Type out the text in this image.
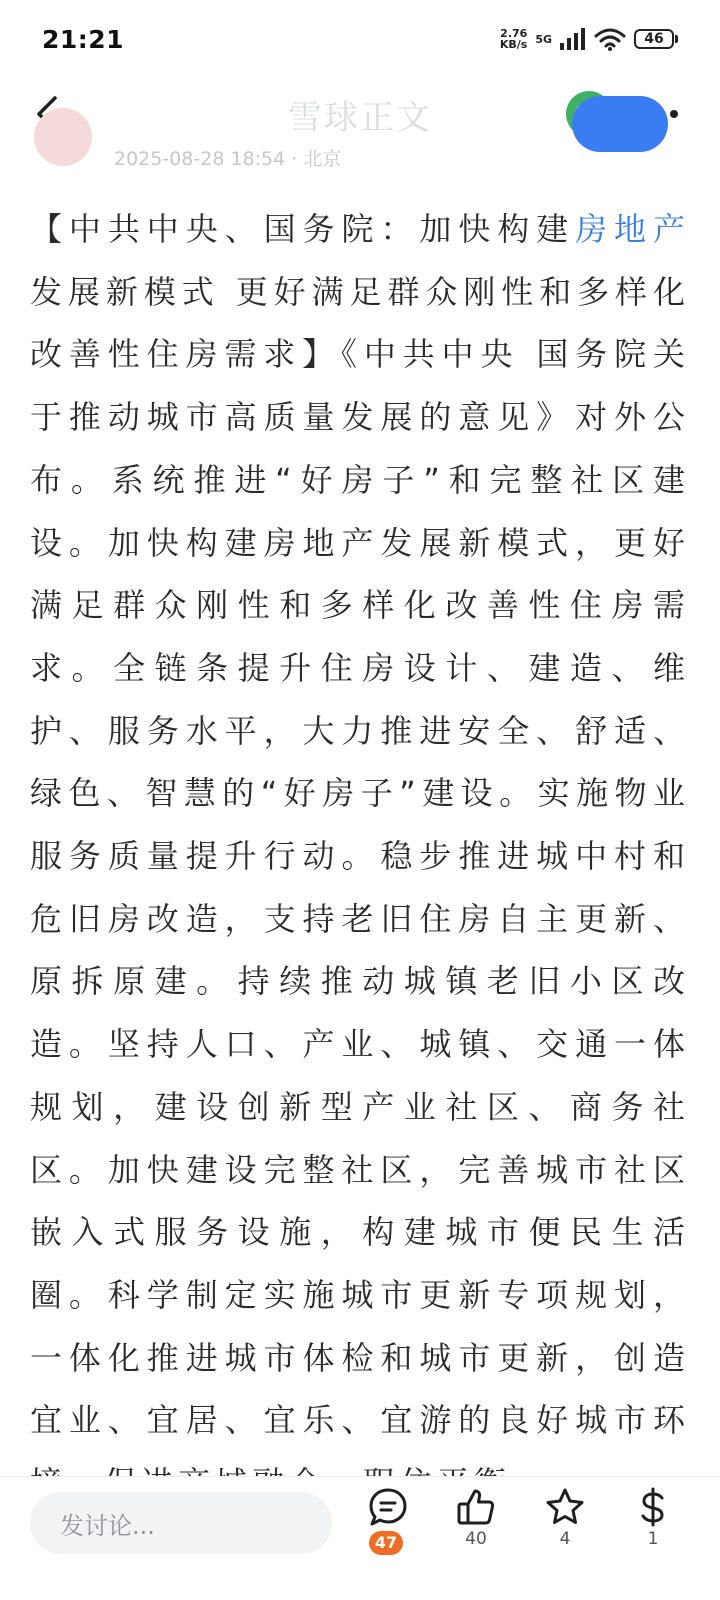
21:21	2.76
KB/s 5G	46
雪球正文
2025-08-28 18:54 · 北京

【中共中央、国务院：加快构建房地产发展新模式 更好满足群众刚性和多样化改善性住房需求】《中共中央 国务院关于推动城市高质量发展的意见》对外公布。系统推进“好房子”和完整社区建设。加快构建房地产发展新模式，更好满足群众刚性和多样化改善性住房需求。全链条提升住房设计、建造、维护、服务水平，大力推进安全、舒适、绿色、智慧的“好房子”建设。实施物业服务质量提升行动。稳步推进城中村和危旧房改造，支持老旧住房自主更新、原拆原建。持续推动城镇老旧小区改造。坚持人口、产业、城镇、交通一体规划，建设创新型产业社区、商务社区。加快建设完整社区，完善城市社区嵌入式服务设施，构建城市便民生活圈。科学制定实施城市更新专项规划，一体化推进城市体检和城市更新，创造宜业、宜居、宜乐、宜游的良好城市环

发讨论...
47	40	4	1
